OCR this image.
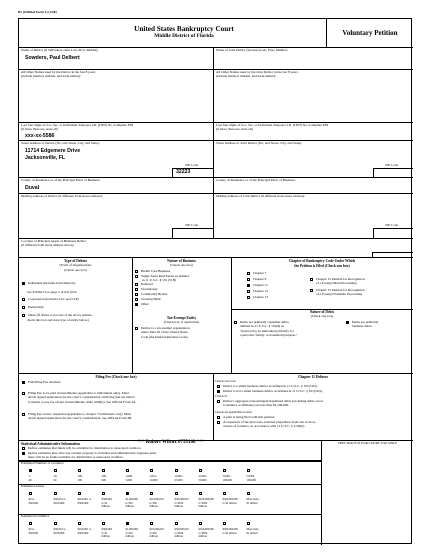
B1 (Official Form 1) (1/08)
United States Bankruptcy Court
Middle District of Florida	Voluntary Petition
Name of Debtor (if individual, enter Last, First, Middle):
Sowders, Paul Delbert
Name of Joint Debtor (Spouse) (Last, First, Middle):
All Other Names used by the Debtor in the last 8 years
(include married, maiden, and trade names):
All Other Names used by the Joint Debtor in the last 8 years
(include married, maiden, and trade names):
Last four digits of Soc. Sec. or Individual-Taxpayer I.D. (ITIN) No./Complete EIN
(if more than one, state all)
xxx-xx-5586
Last four digits of Soc. Sec. or Individual-Taxpayer I.D. (ITIN) No./Complete EIN
(if more than one, state all)
Street Address of Debtor (No. and Street, City, and State):
11714 Edgemere Drive
Jacksonville, FL
ZIP Code
32223
Street Address of Joint Debtor (No. and Street, City, and State):
ZIP Code
County of Residence or of the Principal Place of Business:
Duval
County of Residence or of the Principal Place of Business:
Mailing Address of Debtor (if different from street address):
ZIP Code
Mailing Address of Joint Debtor (if different from street address):
ZIP Code
Location of Principal Assets of Business Debtor
(if different from street address above):
Type of Debtor
(Form of Organization)
(Check one box)
See Exhibit D on page 2 of this form.
check this box and state type of entity below.)
Nature of Business
(Check one box)
in 11 U.S.C. § 101 (51B)
Tax-Exempt Entity
(Check box, if applicable)
Chapter of Bankruptcy Code Under Which
the Petition is Filed (Check one box)
Nature of Debts
(Check one box)
Filing Fee (Check one box)	Chapter 11 Debtors
Statistical/Administrative Information	*** Robert Wilcox 0755168 ***	THIS SPACE IS FOR COURT USE ONLY
Individual (includes Joint Debtors)
Corporation (includes LLC and LLP)
Partnership
Other (If debtor is not one of the above entities,
Health Care Business
Single Asset Real Estate as defined
Railroad
Stockbroker
Commodity Broker
Clearing Bank
Other
Debtor is a tax-exempt organization
under Title 26 of the United States
Code (the Internal Revenue Code).
Chapter 7
Chapter 9
Chapter 11
Chapter 12
Chapter 13
Chapter 15 Petition for Recognition
of a Foreign Main Proceeding
Chapter 15 Petition for Recognition
of a Foreign Nonmain Proceeding
Debts are primarily consumer debts,
defined in 11 U.S.C. § 101(8) as
"incurred by an individual primarily for
a personal, family, or household purpose."
Debts are primarily
business debts.
Full Filing Fee attached
Filing Fee to be paid in installments (applicable to individuals only). Must
attach signed application for the court's consideration certifying that the debtor
is unable to pay fee except in installments. Rule 1006(b). See Official Form 3A.
Filing Fee waiver requested (applicable to chapter 7 individuals only). Must
attach signed application for the court's consideration. See Official Form 3B.
Check one box:
Debtor is a small business debtor as defined in 11 U.S.C. § 101(51D).
Debtor is not a small business debtor as defined in 11 U.S.C. § 101(51D).
Check if:
Debtor's aggregate noncontingent liquidated debts (excluding debts owed
to insiders or affiliates) are less than $2,190,000.
Check all applicable boxes:
A plan is being filed with this petition.
Acceptances of the plan were solicited prepetition from one or more
classes of creditors, in accordance with 11 U.S.C. § 1126(b).
Debtor estimates that funds will be available for distribution to unsecured creditors.
Debtor estimates that, after any exempt property is excluded and administrative expenses paid,
there will be no funds available for distribution to unsecured creditors.
Estimated Number of Creditors
1-
49
50-
99
100-
199
200-
999
1,000-
5,000
5,001-
10,000
10,001-
25,000
25,001-
50,000
50,001-
100,000
OVER
100,000
Estimated Assets
$0 to
$50,000
$50,001 to
$100,000
$100,001 to
$500,000
$500,001
to $1
million
$1,000,001
to $10
million
$10,000,001
to $50
million
$50,000,001
to $100
million
$100,000,001
to $500
million
$500,000,001
to $1 billion
More than
$1 billion
Estimated Liabilities
$0 to
$50,000
$50,001 to
$100,000
$100,001 to
$500,000
$500,001
to $1
million
$1,000,001
to $10
million
$10,000,001
to $50
million
$50,000,001
to $100
million
$100,000,001
to $500
million
$500,000,001
to $1 billion
More than
$1 billion
